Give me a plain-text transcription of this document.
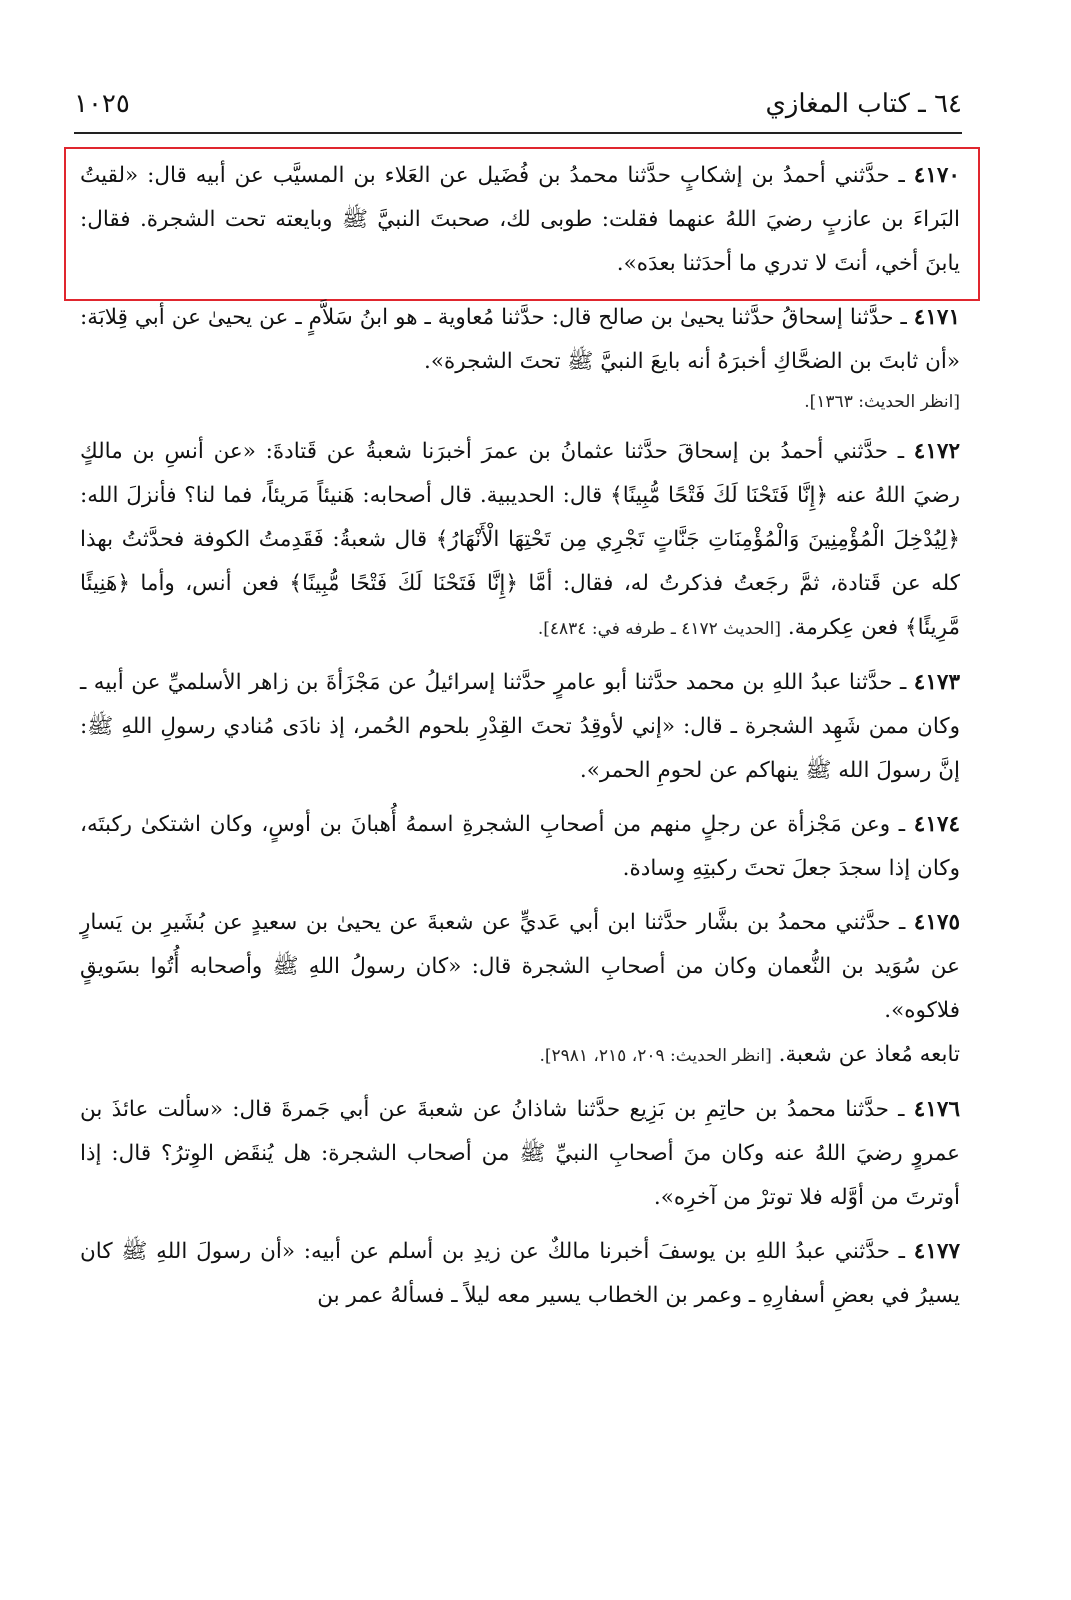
٦٤ ـ كتاب المغازي
١٠٢٥

٤١٧٠ ـ حدَّثني أحمدُ بن إشكابٍ حدَّثنا محمدُ بن فُضَيل عن العَلاء بن المسيَّب عن أبيه قال: «لقيتُ البَراءَ بن عازبٍ رضيَ اللهُ عنهما فقلت: طوبى لك، صحبتَ النبيَّ ﷺ وبايعته تحت الشجرة. فقال: يابنَ أخي، أنتَ لا تدري ما أحدَثنا بعدَه».

٤١٧١ ـ حدَّثنا إسحاقُ حدَّثنا يحيىٰ بن صالح قال: حدَّثنا مُعاوية ـ هو ابنُ سَلاَّمٍ ـ عن يحيىٰ عن أبي قِلابَة: «أن ثابتَ بن الضحَّاكِ أخبرَهُ أنه بايعَ النبيَّ ﷺ تحتَ الشجرة».
[انظر الحديث: ١٣٦٣].

٤١٧٢ ـ حدَّثني أحمدُ بن إسحاقَ حدَّثنا عثمانُ بن عمرَ أخبرَنا شعبةُ عن قَتادةَ: «عن أنسِ بن مالكٍ رضيَ اللهُ عنه ﴿إِنَّا فَتَحْنَا لَكَ فَتْحًا مُّبِينًا﴾ قال: الحديبية. قال أصحابه: هَنيئاً مَريئاً، فما لنا؟ فأنزلَ الله: ﴿لِيُدْخِلَ الْمُؤْمِنِينَ وَالْمُؤْمِنَاتِ جَنَّاتٍ تَجْرِي مِن تَحْتِهَا الْأَنْهَارُ﴾ قال شعبةُ: فَقَدِمتُ الكوفة فحدَّثتُ بهذا كله عن قَتادة، ثمَّ رجَعتُ فذكرتُ له، فقال: أمَّا ﴿إِنَّا فَتَحْنَا لَكَ فَتْحًا مُّبِينًا﴾ فعن أنس، وأما ﴿هَنِيئًا مَّرِيئًا﴾ فعن عِكرمة. [الحديث ٤١٧٢ ـ طرفه في: ٤٨٣٤].

٤١٧٣ ـ حدَّثنا عبدُ اللهِ بن محمد حدَّثنا أبو عامرٍ حدَّثنا إسرائيلُ عن مَجْزَأةَ بن زاهر الأسلميِّ عن أبيه ـ وكان ممن شَهِد الشجرة ـ قال: «إني لأوقِدُ تحتَ القِدْرِ بلحوم الحُمر، إذ نادَى مُنادي رسولِ اللهِ ﷺ: إنَّ رسولَ الله ﷺ ينهاكم عن لحومِ الحمر».

٤١٧٤ ـ وعن مَجْزأة عن رجلٍ منهم من أصحابِ الشجرةِ اسمهُ أُهبانَ بن أوسٍ، وكان اشتكىٰ ركبتَه، وكان إذا سجدَ جعلَ تحتَ ركبتِهِ وِسادة.

٤١٧٥ ـ حدَّثني محمدُ بن بشَّار حدَّثنا ابن أبي عَديٍّ عن شعبةَ عن يحيىٰ بن سعيدٍ عن بُشَيرِ بن يَسارٍ عن سُوَيد بن النُّعمان وكان من أصحابِ الشجرة قال: «كان رسولُ اللهِ ﷺ وأصحابه أُتُوا بسَويقٍ فلاكوه».

تابعه مُعاذ عن شعبة. [انظر الحديث: ٢٠٩، ٢١٥، ٢٩٨١].

٤١٧٦ ـ حدَّثنا محمدُ بن حاتِمِ بن بَزِيع حدَّثنا شاذانُ عن شعبةَ عن أبي جَمرةَ قال: «سألت عائذَ بن عمروٍ رضيَ اللهُ عنه وكان منَ أصحابِ النبيِّ ﷺ من أصحاب الشجرة: هل يُنقَض الوِترُ؟ قال: إذا أوترتَ من أوَّله فلا توترْ من آخرِه».

٤١٧٧ ـ حدَّثني عبدُ اللهِ بن يوسفَ أخبرنا مالكٌ عن زيدِ بن أسلم عن أبيه: «أن رسولَ اللهِ ﷺ كان يسيرُ في بعضِ أسفارِهِ ـ وعمر بن الخطاب يسير معه ليلاً ـ فسألهُ عمر بن
